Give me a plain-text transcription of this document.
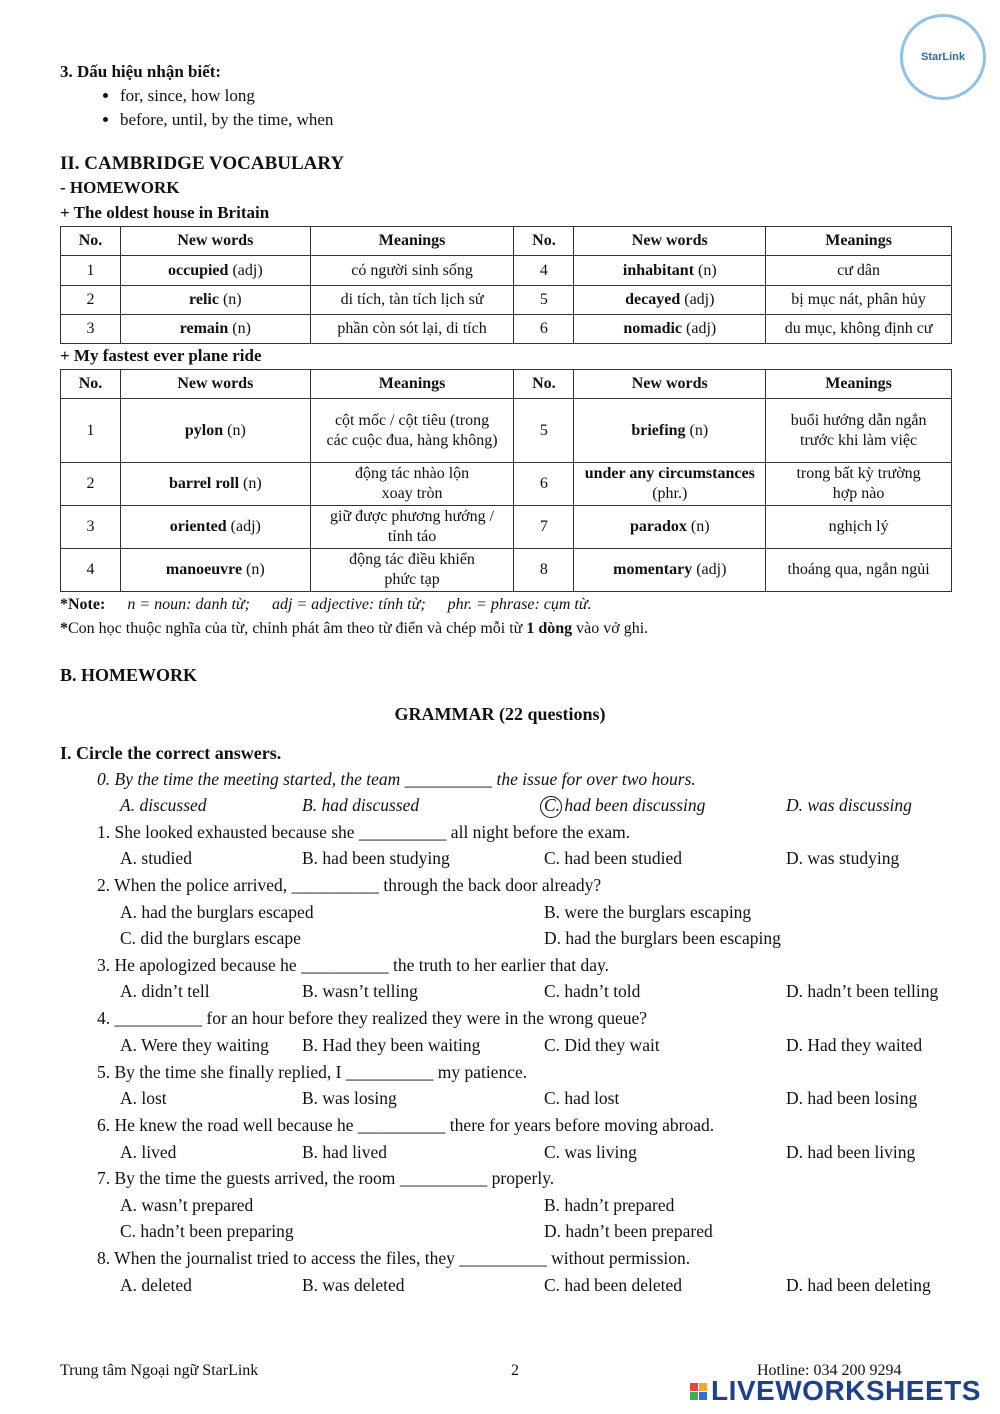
StarLink
3. Dấu hiệu nhận biết:
• for, since, how long
• before, until, by the time, when
II. CAMBRIDGE VOCABULARY
- HOMEWORK
+ The oldest house in Britain
No.	New words	Meanings	No.	New words	Meanings
1	occupied (adj)	có người sinh sống	4	inhabitant (n)	cư dân
2	relic (n)	di tích, tàn tích lịch sử	5	decayed (adj)	bị mục nát, phân hủy
3	remain (n)	phần còn sót lại, di tích	6	nomadic (adj)	du mục, không định cư
+ My fastest ever plane ride
No.	New words	Meanings	No.	New words	Meanings
1	pylon (n)	cột mốc / cột tiêu (trong các cuộc đua, hàng không)	5	briefing (n)	buổi hướng dẫn ngắn trước khi làm việc
2	barrel roll (n)	động tác nhào lộn xoay tròn	6	under any circumstances (phr.)	trong bất kỳ trường hợp nào
3	oriented (adj)	giữ được phương hướng / tỉnh táo	7	paradox (n)	nghịch lý
4	manoeuvre (n)	động tác điều khiển phức tạp	8	momentary (adj)	thoáng qua, ngắn ngủi
*Note: n = noun: danh từ; adj = adjective: tính từ; phr. = phrase: cụm từ.
*Con học thuộc nghĩa của từ, chỉnh phát âm theo từ điển và chép mỗi từ 1 dòng vào vở ghi.
B. HOMEWORK
GRAMMAR (22 questions)
I. Circle the correct answers.
0. By the time the meeting started, the team __________ the issue for over two hours.
A. discussed	B. had discussed	C. had been discussing	D. was discussing
1. She looked exhausted because she __________ all night before the exam.
A. studied	B. had been studying	C. had been studied	D. was studying
2. When the police arrived, __________ through the back door already?
A. had the burglars escaped	B. were the burglars escaping
C. did the burglars escape	D. had the burglars been escaping
3. He apologized because he __________ the truth to her earlier that day.
A. didn’t tell	B. wasn’t telling	C. hadn’t told	D. hadn’t been telling
4. __________ for an hour before they realized they were in the wrong queue?
A. Were they waiting B. Had they been waiting	C. Did they wait	D. Had they waited
5. By the time she finally replied, I __________ my patience.
A. lost	B. was losing	C. had lost	D. had been losing
6. He knew the road well because he __________ there for years before moving abroad.
A. lived	B. had lived	C. was living	D. had been living
7. By the time the guests arrived, the room __________ properly.
A. wasn’t prepared	B. hadn’t prepared
C. hadn’t been preparing	D. hadn’t been prepared
8. When the journalist tried to access the files, they __________ without permission.
A. deleted	B. was deleted	C. had been deleted	D. had been deleting
Trung tâm Ngoại ngữ StarLink	2	Hotline: 034 200 9294
LIVEWORKSHEETS
